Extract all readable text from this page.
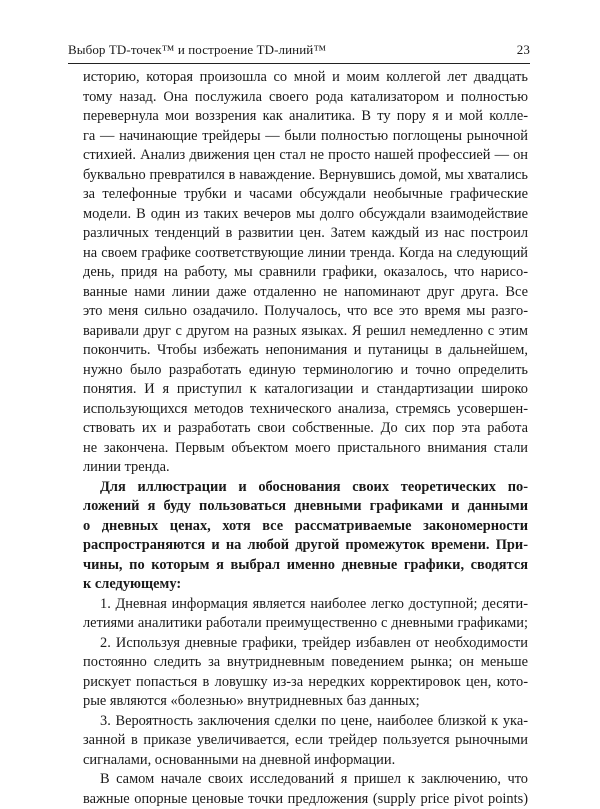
Выбор TD-точек™ и построение TD-линий™	23

историю, которая произошла со мной и моим коллегой лет двадцать
тому назад. Она послужила своего рода катализатором и полностью
перевернула мои воззрения как аналитика. В ту пору я и мой колле-
га — начинающие трейдеры — были полностью поглощены рыночной
стихией. Анализ движения цен стал не просто нашей профессией — он
буквально превратился в наваждение. Вернувшись домой, мы хватались
за телефонные трубки и часами обсуждали необычные графические
модели. В один из таких вечеров мы долго обсуждали взаимодействие
различных тенденций в развитии цен. Затем каждый из нас построил
на своем графике соответствующие линии тренда. Когда на следующий
день, придя на работу, мы сравнили графики, оказалось, что нарисо-
ванные нами линии даже отдаленно не напоминают друг друга. Все
это меня сильно озадачило. Получалось, что все это время мы разго-
варивали друг с другом на разных языках. Я решил немедленно с этим
покончить. Чтобы избежать непонимания и путаницы в дальнейшем,
нужно было разработать единую терминологию и точно определить
понятия. И я приступил к каталогизации и стандартизации широко
использующихся методов технического анализа, стремясь усовершен-
ствовать их и разработать свои собственные. До сих пор эта работа
не закончена. Первым объектом моего пристального внимания стали
линии тренда.

Для иллюстрации и обоснования своих теоретических по-
ложений я буду пользоваться дневными графиками и данными
о дневных ценах, хотя все рассматриваемые закономерности
распространяются и на любой другой промежуток времени. При-
чины, по которым я выбрал именно дневные графики, сводятся
к следующему:

1. Дневная информация является наиболее легко доступной; десяти-
летиями аналитики работали преимущественно с дневными графиками;

2. Используя дневные графики, трейдер избавлен от необходимости
постоянно следить за внутридневным поведением рынка; он меньше
рискует попасться в ловушку из-за нередких корректировок цен, кото-
рые являются «болезнью» внутридневных баз данных;

3. Вероятность заключения сделки по цене, наиболее близкой к ука-
занной в приказе увеличивается, если трейдер пользуется рыночными
сигналами, основанными на дневной информации.

В самом начале своих исследований я пришел к заключению, что
важные опорные ценовые точки предложения (supply price pivot points)
